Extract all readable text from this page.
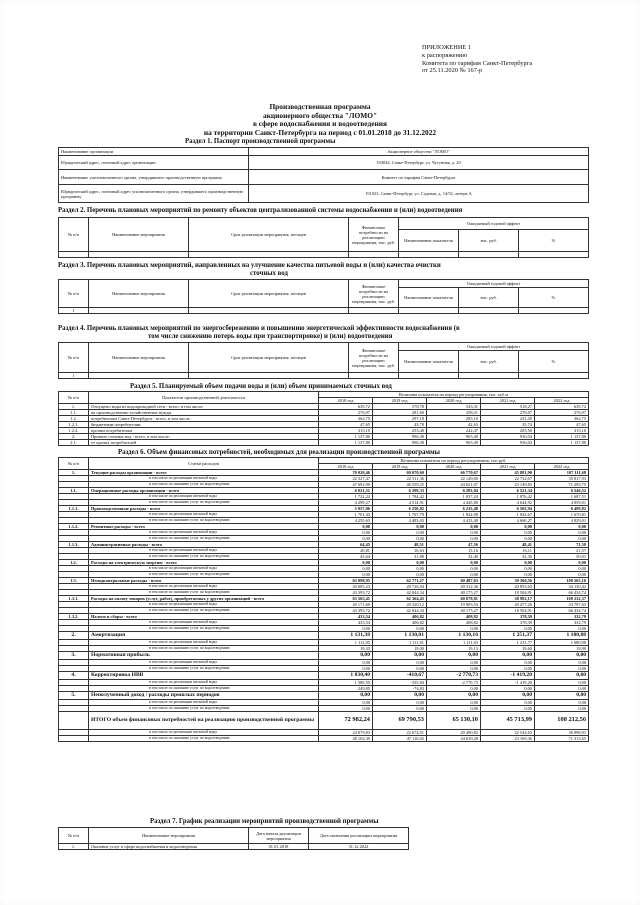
ПРИЛОЖЕНИЕ 1
к распоряжению
Комитета по тарифам Санкт-Петербурга
от 25.11.2020 № 167-р
Производственная программа
акционерного общества "ЛОМО"
в сфере водоснабжения и водоотведения
на территории Санкт-Петербурга на период с 01.01.2018 до 31.12.2022
Раздел 1. Паспорт производственной программы
Наименование организации	Акционерное общество "ЛОМО"
Юридический адрес, почтовый адрес организации	194044, Санкт-Петербург, ул. Чугунная, д. 20
Наименование уполномоченного органа, утвердившего производственную программу	Комитет по тарифам Санкт-Петербурга
Юридический адрес, почтовый адрес уполномоченного органа, утвердившего производственную программу	191023, Санкт-Петербург, ул. Садовая, д. 14/52, литера А
Раздел 2. Перечень плановых мероприятий по ремонту объектов централизованной системы водоснабжения и (или) водоотведения
№ п/п	Наименование мероприятия	Срок реализации мероприятия, месяцев	Финансовые потребности на реализацию мероприятия, тыс. руб.	Ожидаемый годовой эффект		
				Наименование показателя	тыс. руб.	%

Раздел 3. Перечень плановых мероприятий, направленных на улучшение качества питьевой воды и (или) качества очистки
сточных вод
№ п/п	Наименование мероприятия	Срок реализации мероприятия, месяцев	Финансовые потребности на реализацию мероприятия, тыс. руб.	Ожидаемый годовой эффект		
				Наименование показателя	тыс. руб.	%
1						
Раздел 4. Перечень плановых мероприятий по энергосбережению и повышению энергетической эффективности водоснабжения (в
том числе снижению потерь воды при транспортировке) и (или) водоотведения
№ п/п	Наименование мероприятия	Срок реализации мероприятия, месяцев	Финансовые потребности на реализацию мероприятия, тыс. руб.	Ожидаемый годовой эффект		
				Наименование показателя	тыс. руб.	%
1						
Раздел 5. Планируемый объем подачи воды и (или) объем принимаемых сточных вод
№ п/п	Показатели производственной деятельности	Величина показателя на период регулирования, тыс. куб.м				
		2018 год	2019 год	2020 год	2021 год	2022 год
1.	Отпущено воды из водопроводной сети - всего, в том числе:	639,72	578,78	543,31	518,27	639,72
1.1.	на производственно-хозяйственные нужды	276,97	281,60	258,21	276,97	276,97
1.2.	потребителям Санкт-Петербурга - всего, в том числе:	362,75	297,18	285,10	241,30	362,75
1.2.1.	бюджетным потребителям	47,65	43,78	42,63	35,74	47,65
1.2.2.	прочим потребителям	315,10	253,40	242,47	205,56	315,10
2.	Принято сточных вод - всего, в том числе:	1 137,80	996,38	965,49	936,04	1 137,80
2.1.	от прочих потребителей	1 137,80	996,38	965,49	936,04	1 137,80
Раздел 6. Объем финансовых потребностей, необходимых для реализации производственной программы
№ п/п	Статьи расходов	Величина показателя на период регулирования, тыс.руб.				
		2018 год	2019 год	2020 год	2021 год	2022 год
1.	Текущие расходы организации - всего	70 020,46	69 070,60	66 770,67	45 881,90	107 111,68
	в том числе по реализации питьевой воды	22 327,47	22 511,36	22 149,60	22 732,07	35 817,93
	в том числе по оказанию услуг по водоотведению	47 692,99	46 559,25	44 621,07	23 149,83	71 293,75
1.1.	Операционные расходы организации - всего	6 021,51	6 299,33	6 283,04	6 521,34	6 546,52
	в том числе по реализации питьевой воды	1 722,24	1 784,42	1 837,24	1 876,42	1 687,51
	в том числе по оказанию услуг по водоотведению	4 299,27	4 514,91	4 445,80	4 644,92	4 859,01
1.1.1.	Производственные расходы - всего	5 957,06	6 250,82	6 235,48	6 502,94	6 499,82
	в том числе по реализации питьевой воды	1 701,43	1 767,79	1 822,08	1 842,67	1 670,81
	в том числе по оказанию услуг по водоотведению	4 255,63	4 483,03	4 413,40	4 660,27	4 829,01
1.1.2.	Ремонтные расходы - всего	0,00	0,00	0,00	0,00	0,00
	в том числе по реализации питьевой воды	0,00	0,00	0,00	0,00	0,00
	в том числе по оказанию услуг по водоотведению	0,00	0,00	0,00	0,00	0,00
1.1.3.	Административные расходы - всего	64,45	48,51	47,56	48,41	71,58
	в том числе по реализации питьевой воды	20,81	16,63	15,16	16,11	21,57
	в том числе по оказанию услуг по водоотведению	43,64	31,88	32,40	32,30	50,01
1.2.	Расходы на электрическую энергию - всего	0,00	0,00	0,00	0,00	0,00
	в том числе по реализации питьевой воды	0,00	0,00	0,00	0,00	0,00
	в том числе по оказанию услуг по водоотведению	0,00	0,00	0,00	0,00	0,00
1.3.	Неподконтрольные расходы - всего	63 998,95	62 771,27	60 487,63	39 360,56	100 565,16
	в том числе по реализации питьевой воды	20 605,23	20 726,94	20 312,36	20 855,65	34 130,42
	в том числе по оказанию услуг по водоотведению	43 393,72	42 044,34	40 175,27	18 504,91	66 434,74
1.3.1.	Расходы на оплату товаров (услуг, работ), приобретаемых у других организаций - всего	63 565,41	62 364,45	60 078,81	38 982,17	100 232,37
	в том числе по реализации питьевой воды	20 171,69	20 320,12	19 903,54	20 477,26	33 797,63
	в том числе по оказанию услуг по водоотведению	43 393,72	42 044,34	40 175,27	18 504,91	66 434,74
1.3.2.	Налоги и сборы - всего	433,54	406,82	408,82	378,39	332,79
	в том числе по реализации питьевой воды	433,54	406,82	408,82	378,39	332,79
	в том числе по оказанию услуг по водоотведению	0,00	0,00	0,00	0,00	0,00
2.	Амортизация	1 131,38	1 130,01	1 130,16	1 251,37	1 100,88
	в том числе по реализации питьевой воды	1 112,05	1 111,01	1 111,03	1 231,77	1 080,98
	в том числе по оказанию услуг по водоотведению	19,33	19,00	19,13	19,60	19,90
3.	Нормативная прибыль	0,00	0,00	0,00	0,00	0,00
	в том числе по реализации питьевой воды	0,00	0,00	0,00	0,00	0,00
	в том числе по оказанию услуг по водоотведению	0,00	0,00	0,00	0,00	0,00
4.	Корректировка НВВ	1 830,40	-410,67	-2 770,73	-1 419,20	0,00
	в том числе по реализации питьевой воды	1 580,55	-335,84	-2 770,73	-1 419,20	0,00
	в том числе по оказанию услуг по водоотведению	249,85	-74,83	0,00	0,00	0,00
5.	Неполученный доход / расходы прошлых периодов	0,00	0,00	0,00	0,00	0,00
	в том числе по реализации питьевой воды	0,00	0,00	0,00	0,00	0,00
	в том числе по оказанию услуг по водоотведению	0,00	0,00	0,00	0,00	0,00
	ИТОГО объем финансовых потребностей на реализацию производственной программы	72 982,24	69 790,53	65 130,10	45 713,99	108 212,56
	в том числе по реализации питьевой воды	24 879,83	22 674,51	20 490,82	22 544,63	36 898,91
	в том числе по оказанию услуг по водоотведению	48 102,39	47 116,02	44 639,28	23 169,36	71 313,65
Раздел 7. График реализации мероприятий производственной программы
№ п/п	Наименование мероприятия	Дата начала реализации мероприятия	Дата окончания реализации мероприятия
1.	Оказание услуг в сфере водоснабжения и водоотведения	01.01.2018	31.12.2022
